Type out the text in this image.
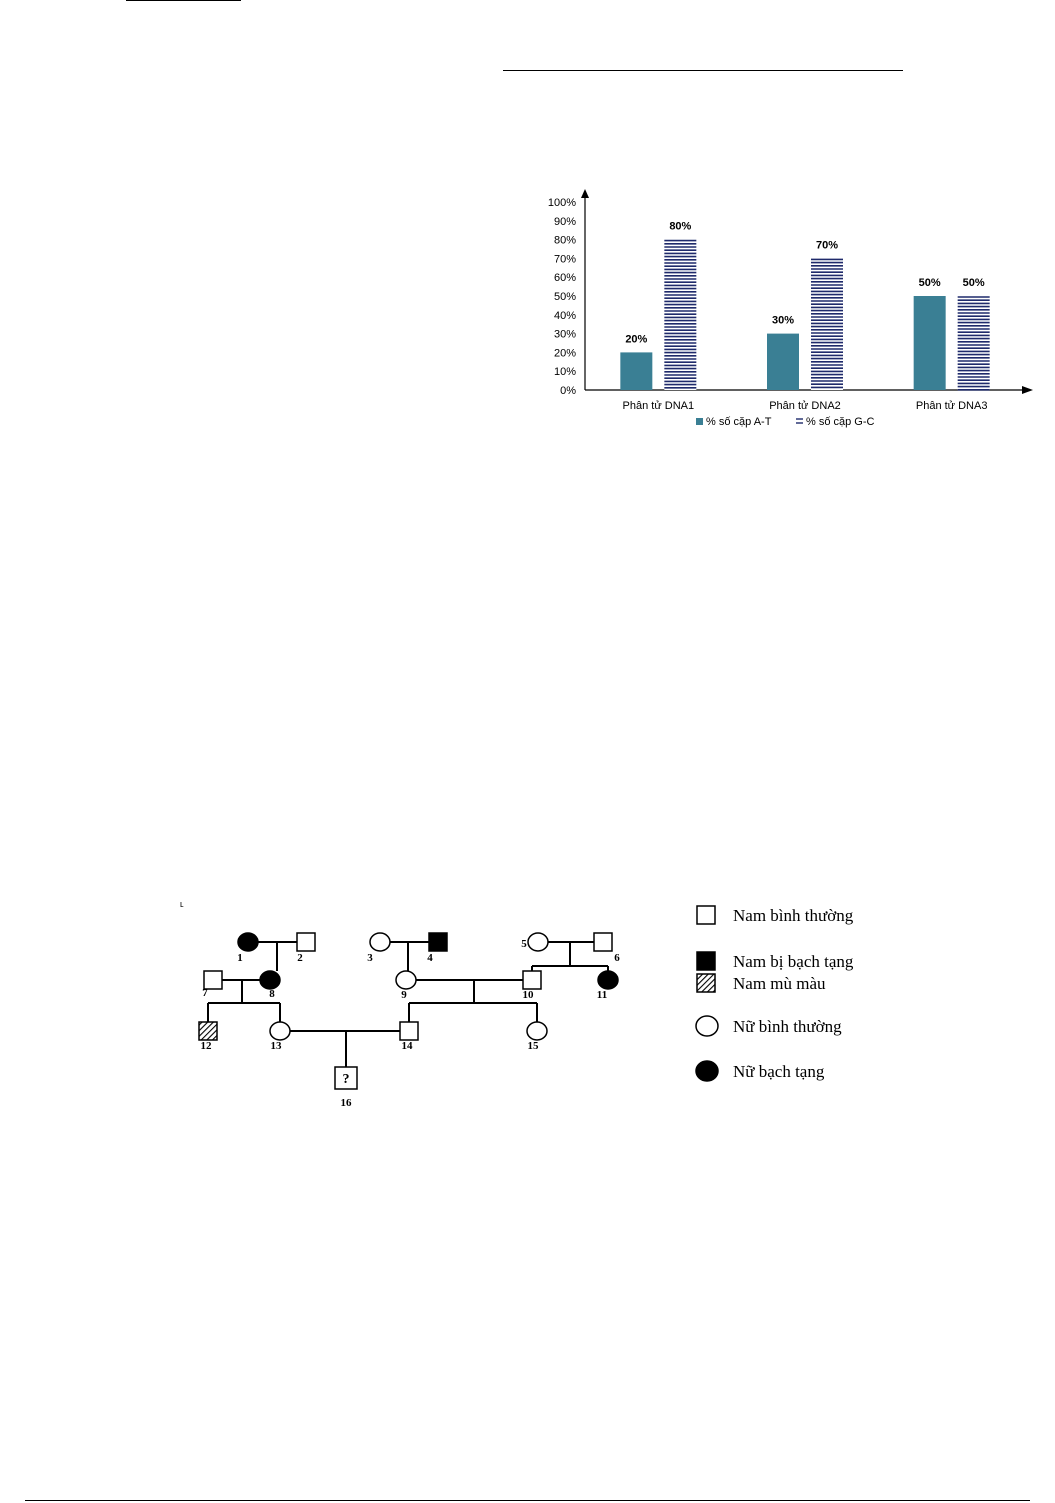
0%
10%
20%
30%
40%
50%
60%
70%
80%
90%
100%
20%
80%
30%
70%
50% 50%
Phân tử DNA1	Phân tử DNA2	Phân tử DNA3
% số cặp A-T	% số cặp G-C
ʟ
1	2	3	4
5
6
7	8	9	10	11
12	13	14	15
?
16
Nam bình thường
Nam bị bạch tạng
Nam mù màu
Nữ bình thường
Nữ bạch tạng
